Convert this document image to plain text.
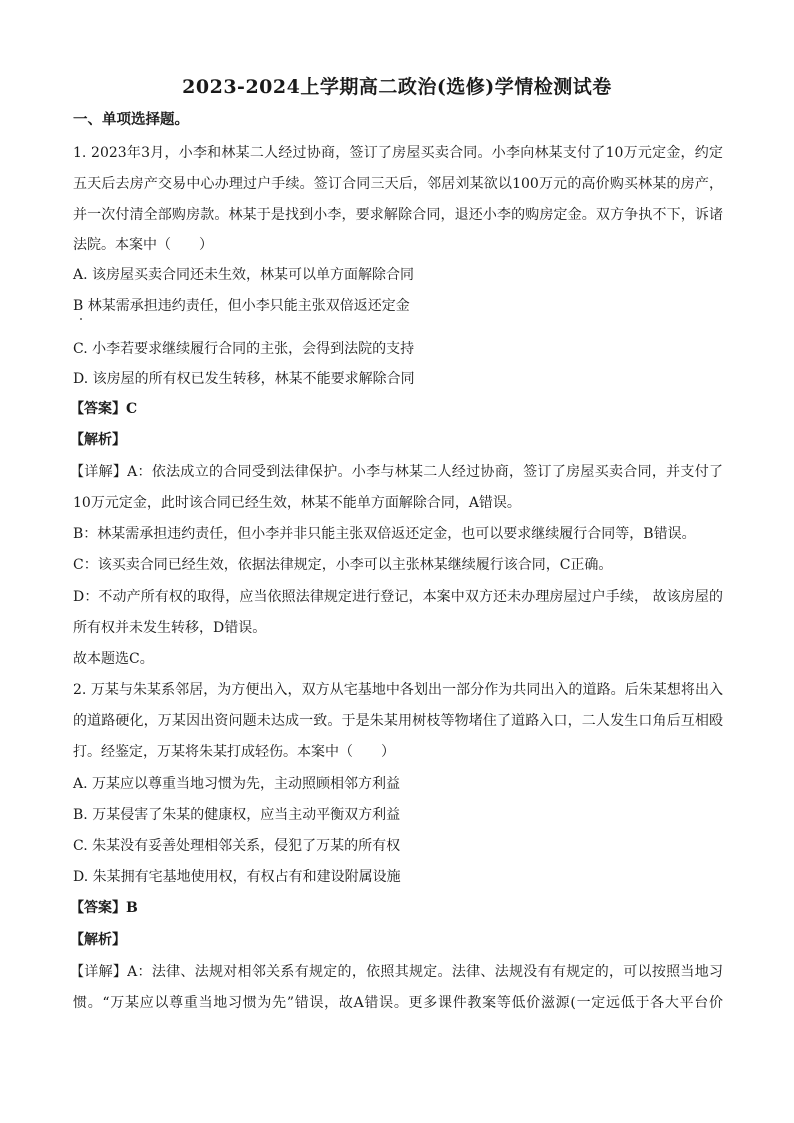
2023-2024上学期高二政治(选修)学情检测试卷
一、单项选择题。
1. 2023年3月，小李和林某二人经过协商，签订了房屋买卖合同。小李向林某支付了10万元定金，约定
五天后去房产交易中心办理过户手续。签订合同三天后，邻居刘某欲以100万元的高价购买林某的房产，
并一次付清全部购房款。林某于是找到小李，要求解除合同，退还小李的购房定金。双方争执不下，诉诸
法院。本案中（　　）
A. 该房屋买卖合同还未生效，林某可以单方面解除合同
B 林某需承担违约责任，但小李只能主张双倍返还定金
C. 小李若要求继续履行合同的主张，会得到法院的支持
D. 该房屋的所有权已发生转移，林某不能要求解除合同
【答案】C
【解析】
【详解】A：依法成立的合同受到法律保护。小李与林某二人经过协商，签订了房屋买卖合同，并支付了
10万元定金，此时该合同已经生效，林某不能单方面解除合同，A错误。
B：林某需承担违约责任，但小李并非只能主张双倍返还定金，也可以要求继续履行合同等，B错误。
C：该买卖合同已经生效，依据法律规定，小李可以主张林某继续履行该合同，C正确。
D：不动产所有权的取得，应当依照法律规定进行登记，本案中双方还未办理房屋过户手续， 故该房屋的
所有权并未发生转移，D错误。
故本题选C。
2. 万某与朱某系邻居，为方便出入，双方从宅基地中各划出一部分作为共同出入的道路。后朱某想将出入
的道路硬化，万某因出资问题未达成一致。于是朱某用树枝等物堵住了道路入口，二人发生口角后互相殴
打。经鉴定，万某将朱某打成轻伤。本案中（　　）
A. 万某应以尊重当地习惯为先，主动照顾相邻方利益
B. 万某侵害了朱某的健康权，应当主动平衡双方利益
C. 朱某没有妥善处理相邻关系，侵犯了万某的所有权
D. 朱某拥有宅基地使用权，有权占有和建设附属设施
【答案】B
【解析】
【详解】A：法律、法规对相邻关系有规定的，依照其规定。法律、法规没有有规定的，可以按照当地习
惯。“万某应以尊重当地习惯为先”错误，故A错误。更多课件教案等低价滋源(一定远低于各大平台价
